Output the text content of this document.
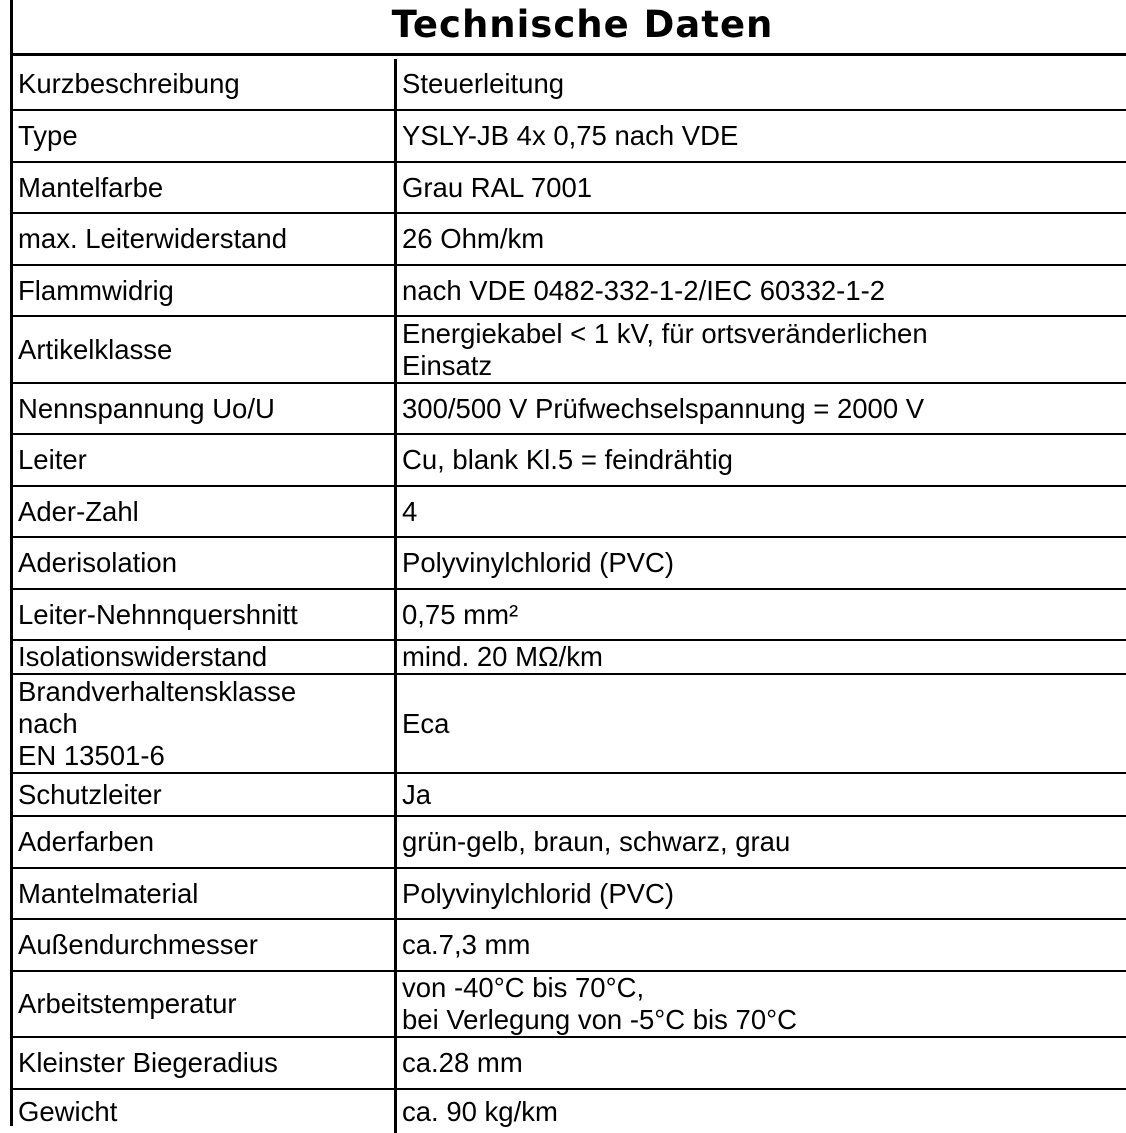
Technische Daten
Kurzbeschreibung	Steuerleitung
Type	YSLY-JB 4x 0,75 nach VDE
Mantelfarbe	Grau RAL 7001
max. Leiterwiderstand	26 Ohm/km
Flammwidrig	nach VDE 0482-332-1-2/IEC 60332-1-2
Artikelklasse	Energiekabel < 1 kV, für ortsveränderlichen
Einsatz
Nennspannung Uo/U	300/500 V Prüfwechselspannung = 2000 V
Leiter	Cu, blank Kl.5 = feindrähtig
Ader-Zahl	4
Aderisolation	Polyvinylchlorid (PVC)
Leiter-Nehnnquershnitt	0,75 mm²
Isolationswiderstand	mind. 20 MΩ/km
Brandverhaltensklasse
nach
EN 13501-6	Eca
Schutzleiter	Ja
Aderfarben	grün-gelb, braun, schwarz, grau
Mantelmaterial	Polyvinylchlorid (PVC)
Außendurchmesser	ca.7,3 mm
Arbeitstemperatur	von -40°C bis 70°C,
bei Verlegung von -5°C bis 70°C
Kleinster Biegeradius	ca.28 mm
Gewicht	ca. 90 kg/km
